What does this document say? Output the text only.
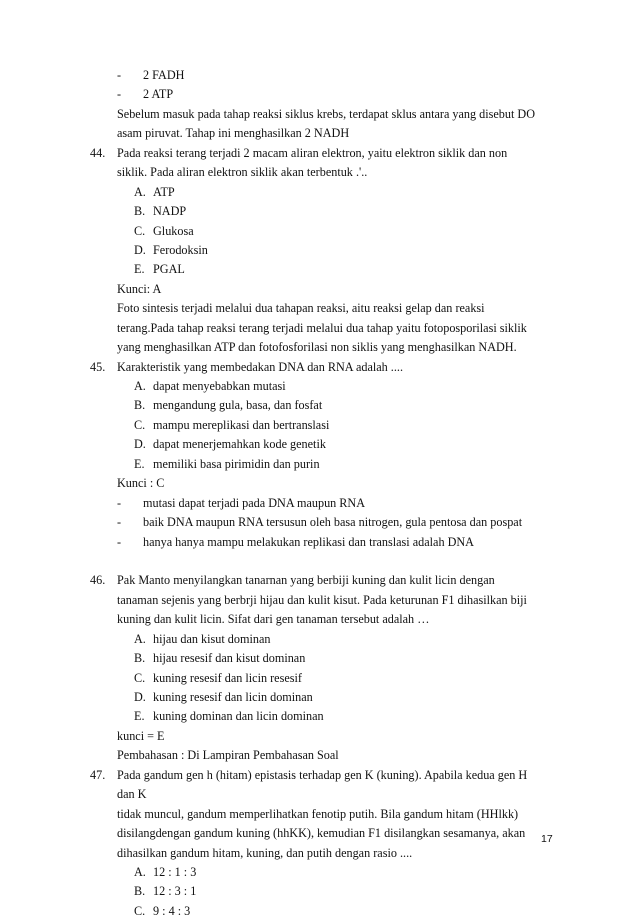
- 2 FADH
- 2 ATP
Sebelum masuk pada tahap reaksi siklus krebs, terdapat sklus antara yang disebut DO
asam piruvat. Tahap ini menghasilkan 2 NADH
44. Pada reaksi terang terjadi 2 macam aliran elektron, yaitu elektron siklik dan non
siklik. Pada aliran elektron siklik akan terbentuk .'..
A. ATP
B. NADP
C. Glukosa
D. Ferodoksin
E. PGAL
Kunci: A
Foto sintesis terjadi melalui dua tahapan reaksi, aitu reaksi gelap dan reaksi
terang.Pada tahap reaksi terang terjadi melalui dua tahap yaitu fotoposporilasi siklik
yang menghasilkan ATP dan fotofosforilasi non siklis yang menghasilkan NADH.
45. Karakteristik yang membedakan DNA dan RNA adalah ....
A. dapat menyebabkan mutasi
B. mengandung gula, basa, dan fosfat
C. mampu mereplikasi dan bertranslasi
D. dapat menerjemahkan kode genetik
E. memiliki basa pirimidin dan purin
Kunci : C
- mutasi dapat terjadi pada DNA maupun RNA
- baik DNA maupun RNA tersusun oleh basa nitrogen, gula pentosa dan pospat
- hanya hanya mampu melakukan replikasi dan translasi adalah DNA
46. Pak Manto menyilangkan tanarnan yang berbiji kuning dan kulit licin dengan
tanaman sejenis yang berbrji hijau dan kulit kisut. Pada keturunan F1 dihasilkan biji
kuning dan kulit licin. Sifat dari gen tanaman tersebut adalah …
A. hijau dan kisut dominan
B. hijau resesif dan kisut dominan
C. kuning resesif dan licin resesif
D. kuning resesif dan licin dominan
E. kuning dominan dan licin dominan
kunci = E
Pembahasan : Di Lampiran Pembahasan Soal
47. Pada gandum gen h (hitam) epistasis terhadap gen K (kuning). Apabila kedua gen H
dan K
tidak muncul, gandum memperlihatkan fenotip putih. Bila gandum hitam (HHlkk)
disilangdengan gandum kuning (hhKK), kemudian F1 disilangkan sesamanya, akan
dihasilkan gandum hitam, kuning, dan putih dengan rasio ....
A. 12 : 1 : 3
B. 12 : 3 : 1
C. 9 : 4 : 3
17
